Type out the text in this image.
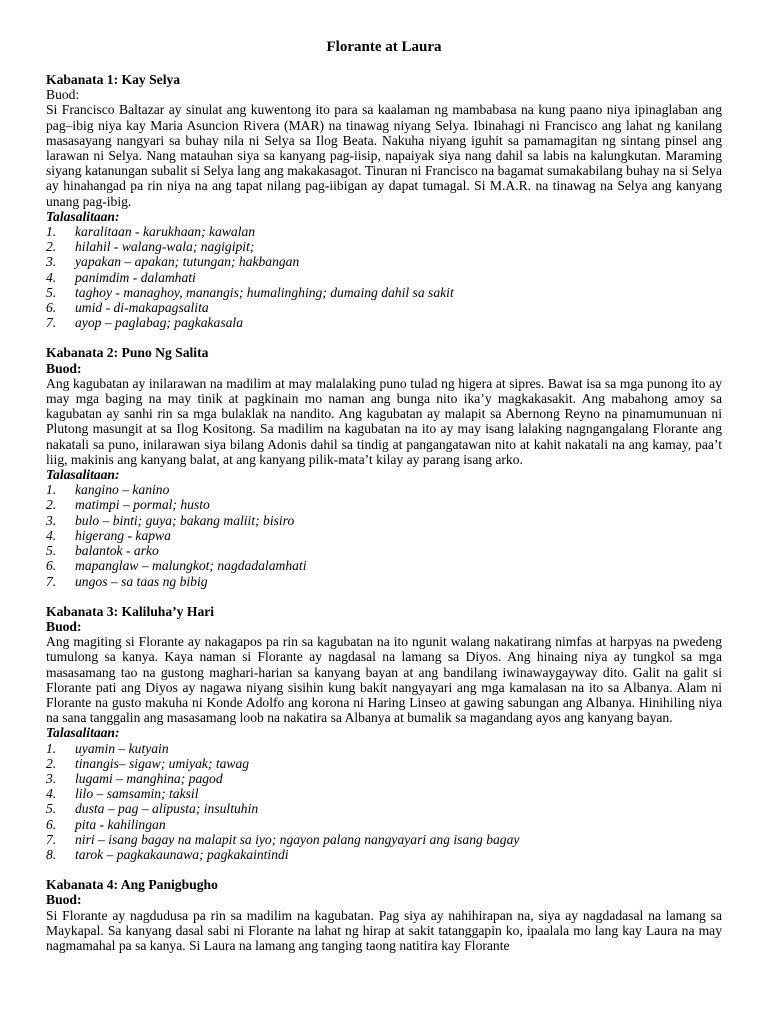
Florante at Laura
Kabanata 1: Kay Selya
Buod:

Si Francisco Baltazar ay sinulat ang kuwentong ito para sa kaalaman ng mambabasa na kung paano niya ipinaglaban ang pag–ibig niya kay Maria Asuncion Rivera (MAR) na tinawag niyang Selya. Ibinahagi ni Francisco ang lahat ng kanilang masasayang nangyari sa buhay nila ni Selya sa Ilog Beata. Nakuha niyang iguhit sa pamamagitan ng sintang pinsel ang larawan ni Selya. Nang matauhan siya sa kanyang pag-iisip, napaiyak siya nang dahil sa labis na kalungkutan. Maraming siyang katanungan subalit si Selya lang ang makakasagot. Tinuran ni Francisco na bagamat sumakabilang buhay na si Selya ay hinahangad pa rin niya na ang tapat nilang pag-iibigan ay dapat tumagal. Si M.A.R. na tinawag na Selya ang kanyang unang pag-ibig.

Talasalitaan:
1.	karalitaan - karukhaan; kawalan
2.	hilahil - walang-wala; nagigipit;
3.	yapakan – apakan; tutungan; hakbangan
4.	panimdim - dalamhati
5.	taghoy - managhoy, manangis; humalinghing; dumaing dahil sa sakit
6.	umid - di-makapagsalita
7.	ayop – paglabag; pagkakasala
Kabanata 2: Puno Ng Salita
Buod:

Ang kagubatan ay inilarawan na madilim at may malalaking puno tulad ng higera at sipres. Bawat isa sa mga punong ito ay may mga baging na may tinik at pagkinain mo naman ang bunga nito ika’y magkakasakit. Ang mabahong amoy sa kagubatan ay sanhi rin sa mga bulaklak na nandito. Ang kagubatan ay malapit sa Abernong Reyno na pinamumunuan ni Plutong masungit at sa Ilog Kositong. Sa madilim na kagubatan na ito ay may isang lalaking nagngangalang Florante ang nakatali sa puno, inilarawan siya bilang Adonis dahil sa tindig at pangangatawan nito at kahit nakatali na ang kamay, paa’t liig, makinis ang kanyang balat, at ang kanyang pilik-mata’t kilay ay parang isang arko.

Talasalitaan:
1.	kangino – kanino
2.	matimpi – pormal; husto
3.	bulo – binti; guya; bakang maliit; bisiro
4.	higerang - kapwa
5.	balantok - arko
6.	mapanglaw – malungkot; nagdadalamhati
7.	ungos – sa taas ng bibig
Kabanata 3: Kaliluha’y Hari
Buod:

Ang magiting si Florante ay nakagapos pa rin sa kagubatan na ito ngunit walang nakatirang nimfas at harpyas na pwedeng tumulong sa kanya. Kaya naman si Florante ay nagdasal na lamang sa Diyos. Ang hinaing niya ay tungkol sa mga masasamang tao na gustong maghari-harian sa kanyang bayan at ang bandilang iwinawaygayway dito. Galit na galit si Florante pati ang Diyos ay nagawa niyang sisihin kung bakit nangyayari ang mga kamalasan na ito sa Albanya. Alam ni Florante na gusto makuha ni Konde Adolfo ang korona ni Haring Linseo at gawing sabungan ang Albanya. Hinihiling niya na sana tanggalin ang masasamang loob na nakatira sa Albanya at bumalik sa magandang ayos ang kanyang bayan.

Talasalitaan:
1.	uyamin – kutyain
2.	tinangis– sigaw; umiyak; tawag
3.	lugami – manghina; pagod
4.	lilo – samsamin; taksil
5.	dusta – pag – alipusta; insultuhin
6.	pita - kahilingan
7.	niri – isang bagay na malapit sa iyo; ngayon palang nangyayari ang isang bagay
8.	tarok – pagkakaunawa; pagkakaintindi
Kabanata 4: Ang Panigbugho
Buod:

Si Florante ay nagdudusa pa rin sa madilim na kagubatan. Pag siya ay nahihirapan na, siya ay nagdadasal na lamang sa Maykapal. Sa kanyang dasal sabi ni Florante na lahat ng hirap at sakit tatanggapin ko, ipaalala mo lang kay Laura na may nagmamahal pa sa kanya. Si Laura na lamang ang tanging taong natitira kay Florante
